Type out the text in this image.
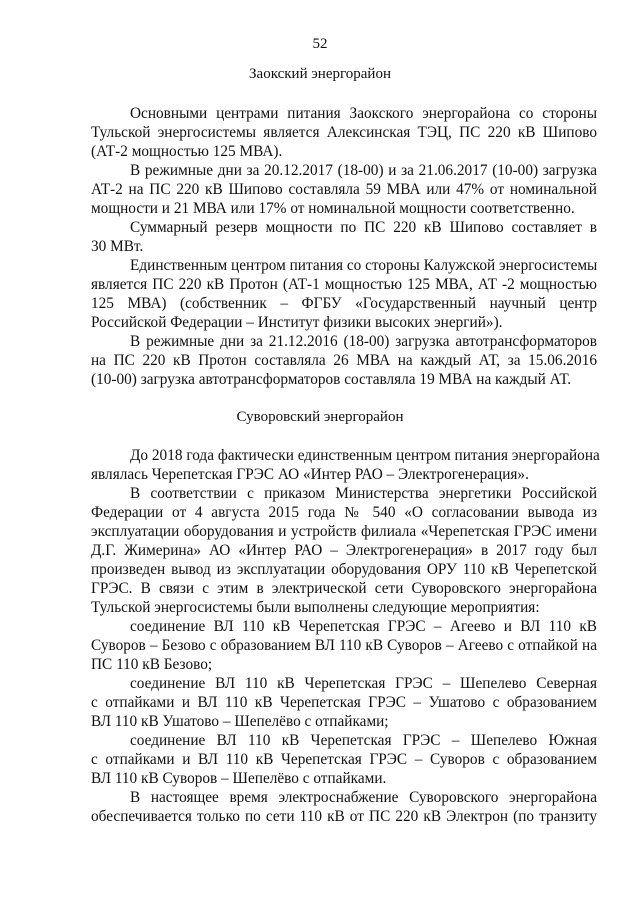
52
Заокский энергорайон
Основными центрами питания Заокского энергорайона со стороны
Тульской энергосистемы является Алексинская ТЭЦ, ПС 220 кВ Шипово
(АТ-2 мощностью 125 МВА).
В режимные дни за 20.12.2017 (18-00) и за 21.06.2017 (10-00) загрузка
АТ-2 на ПС 220 кВ Шипово составляла 59 МВА или 47% от номинальной
мощности и 21 МВА или 17% от номинальной мощности соответственно.
Суммарный резерв мощности по ПС 220 кВ Шипово составляет в
30 МВт.
Единственным центром питания со стороны Калужской энергосистемы
является ПС 220 кВ Протон (АТ-1 мощностью 125 МВА, АТ -2 мощностью
125 МВА) (собственник – ФГБУ «Государственный научный центр
Российской Федерации – Институт физики высоких энергий»).
В режимные дни за 21.12.2016 (18-00) загрузка автотрансформаторов
на ПС 220 кВ Протон составляла 26 МВА на каждый АТ, за 15.06.2016
(10-00) загрузка автотрансформаторов составляла 19 МВА на каждый АТ.
Суворовский энергорайон
До 2018 года фактически единственным центром питания энергорайона
являлась Черепетская ГРЭС АО «Интер РАО – Электрогенерация».
В соответствии с приказом Министерства энергетики Российской
Федерации от 4 августа 2015 года № 540 «О согласовании вывода из
эксплуатации оборудования и устройств филиала «Черепетская ГРЭС имени
Д.Г. Жимерина» АО «Интер РАО – Электрогенерация» в 2017 году был
произведен вывод из эксплуатации оборудования ОРУ 110 кВ Черепетской
ГРЭС. В связи с этим в электрической сети Суворовского энергорайона
Тульской энергосистемы были выполнены следующие мероприятия:
соединение ВЛ 110 кВ Черепетская ГРЭС – Агеево и ВЛ 110 кВ
Суворов – Безово с образованием ВЛ 110 кВ Суворов – Агеево с отпайкой на
ПС 110 кВ Безово;
соединение ВЛ 110 кВ Черепетская ГРЭС – Шепелево Северная
с отпайками и ВЛ 110 кВ Черепетская ГРЭС – Ушатово с образованием
ВЛ 110 кВ Ушатово – Шепелёво с отпайками;
соединение ВЛ 110 кВ Черепетская ГРЭС – Шепелево Южная
с отпайками и ВЛ 110 кВ Черепетская ГРЭС – Суворов с образованием
ВЛ 110 кВ Суворов – Шепелёво с отпайками.
В настоящее время электроснабжение Суворовского энергорайона
обеспечивается только по сети 110 кВ от ПС 220 кВ Электрон (по транзиту
